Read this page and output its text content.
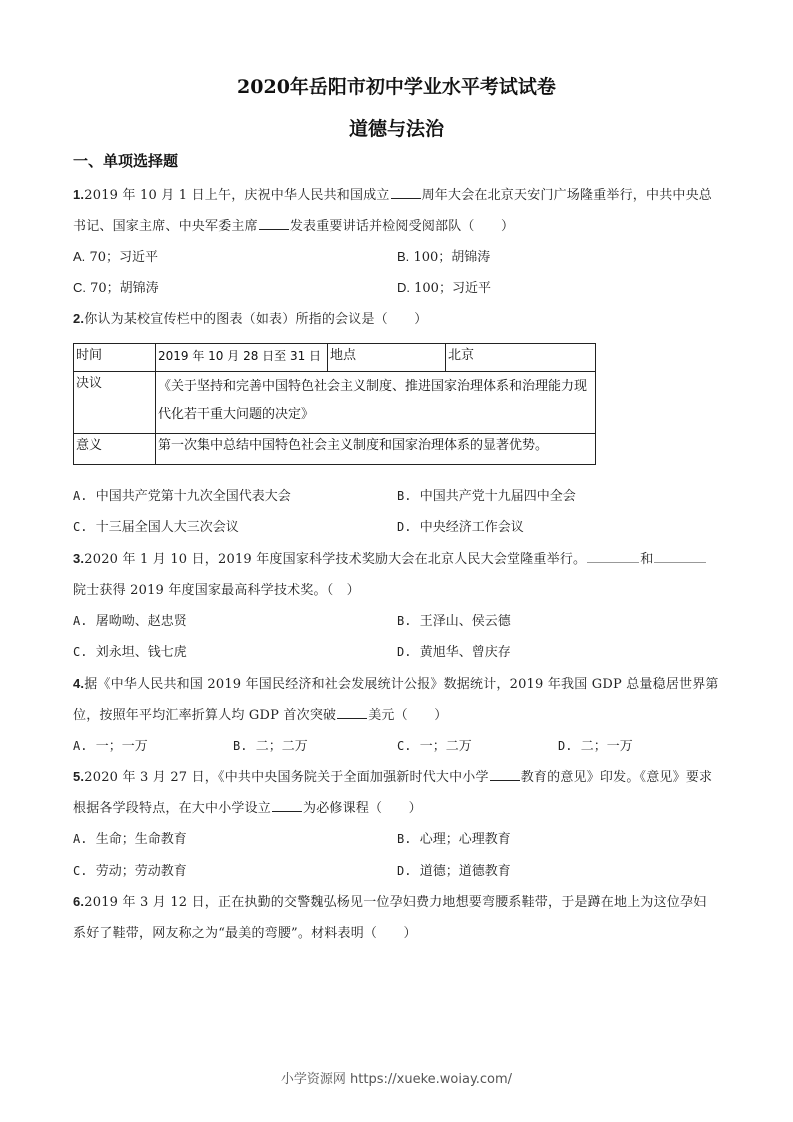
2020年岳阳市初中学业水平考试试卷
道德与法治
一、单项选择题
1.2019 年 10 月 1 日上午，庆祝中华人民共和国成立 周年大会在北京天安门广场隆重举行，中共中央总
书记、国家主席、中央军委主席 发表重要讲话并检阅受阅部队（　　）
A. 70；习近平	B. 100；胡锦涛
C. 70；胡锦涛	D. 100；习近平
2.你认为某校宣传栏中的图表（如表）所指的会议是（　　）
时间	2019 年 10 月 28 日至 31 日	地点	北京
决议	《关于坚持和完善中国特色社会主义制度、推进国家治理体系和治理能力现代化若干重大问题的决定》		
意义	第一次集中总结中国特色社会主义制度和国家治理体系的显著优势。		
A. 中国共产党第十九次全国代表大会	B. 中国共产党十九届四中全会
C. 十三届全国人大三次会议	D. 中央经济工作会议
3.2020 年 1 月 10 日，2019 年度国家科学技术奖励大会在北京人民大会堂隆重举行。	和
院士获得 2019 年度国家最高科学技术奖。（　）
A. 屠呦呦、赵忠贤	B. 王泽山、侯云德
C. 刘永坦、钱七虎	D. 黄旭华、曾庆存
4.据《中华人民共和国 2019 年国民经济和社会发展统计公报》数据统计，2019 年我国 GDP 总量稳居世界第
位，按照年平均汇率折算人均 GDP 首次突破 美元（　　）
A. 一；一万	B. 二；二万	C. 一；二万	D. 二；一万
5.2020 年 3 月 27 日，《中共中央国务院关于全面加强新时代大中小学 教育的意见》印发。《意见》要求
根据各学段特点，在大中小学设立 为必修课程（　　）
A. 生命；生命教育	B. 心理；心理教育
C. 劳动；劳动教育	D. 道德；道德教育
6.2019 年 3 月 12 日，正在执勤的交警魏弘杨见一位孕妇费力地想要弯腰系鞋带，于是蹲在地上为这位孕妇
系好了鞋带，网友称之为“最美的弯腰”。材料表明（　　）
小学资源网 https://xueke.woiay.com/
